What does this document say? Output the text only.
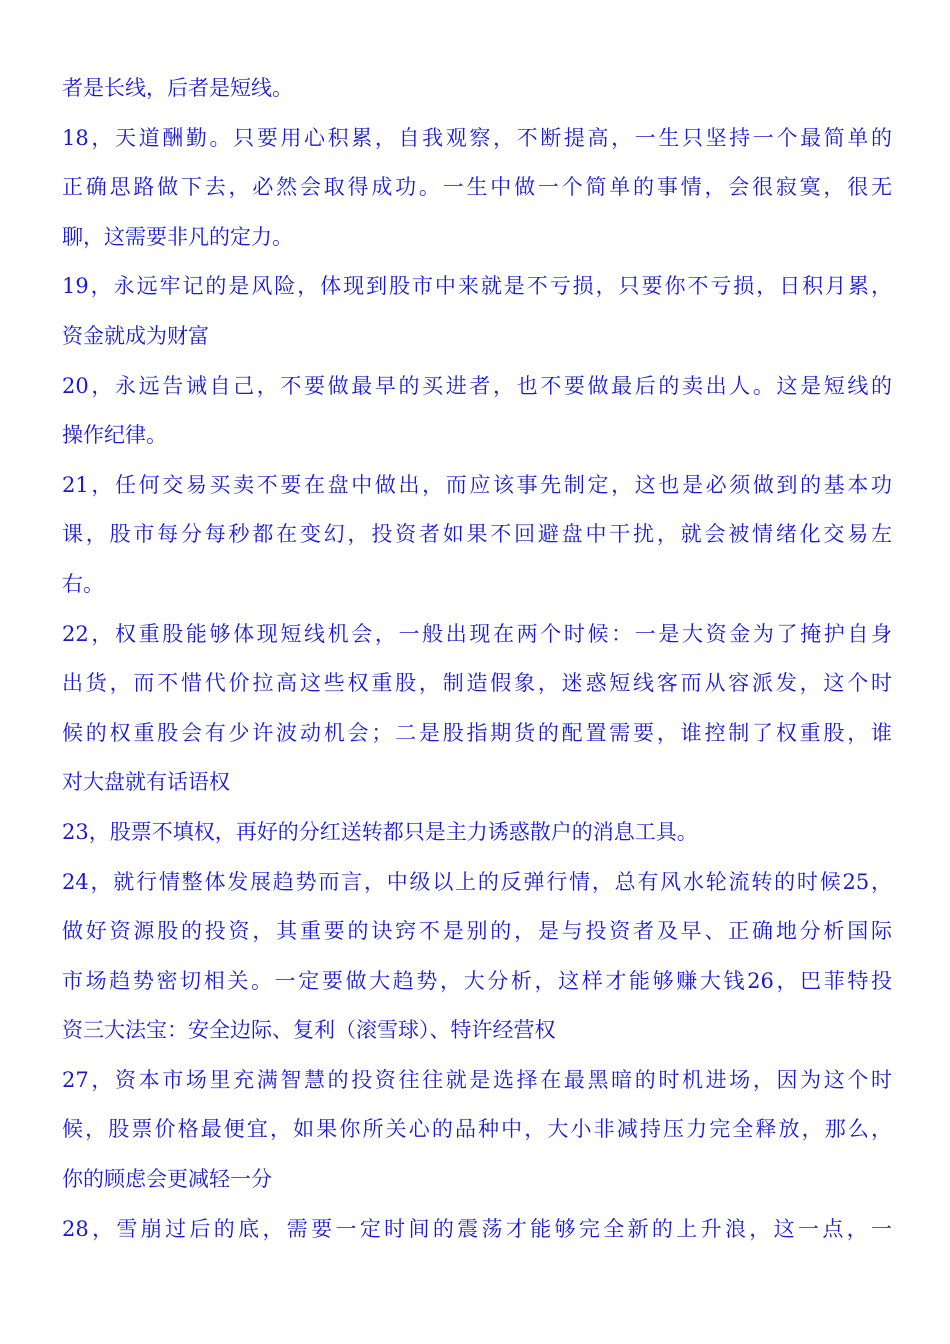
者是长线，后者是短线。
18，天道酬勤。只要用心积累，自我观察，不断提高，一生只坚持一个最简单的
正确思路做下去，必然会取得成功。一生中做一个简单的事情，会很寂寞，很无
聊，这需要非凡的定力。
19，永远牢记的是风险，体现到股市中来就是不亏损，只要你不亏损，日积月累，
资金就成为财富
20，永远告诫自己，不要做最早的买进者，也不要做最后的卖出人。这是短线的
操作纪律。
21，任何交易买卖不要在盘中做出，而应该事先制定，这也是必须做到的基本功
课，股市每分每秒都在变幻，投资者如果不回避盘中干扰，就会被情绪化交易左
右。
22，权重股能够体现短线机会，一般出现在两个时候：一是大资金为了掩护自身
出货，而不惜代价拉高这些权重股，制造假象，迷惑短线客而从容派发，这个时
候的权重股会有少许波动机会；二是股指期货的配置需要，谁控制了权重股，谁
对大盘就有话语权
23，股票不填权，再好的分红送转都只是主力诱惑散户的消息工具。
24，就行情整体发展趋势而言，中级以上的反弹行情，总有风水轮流转的时候25，
做好资源股的投资，其重要的诀窍不是别的，是与投资者及早、正确地分析国际
市场趋势密切相关。一定要做大趋势，大分析，这样才能够赚大钱26，巴菲特投
资三大法宝：安全边际、复利（滚雪球）、特许经营权
27，资本市场里充满智慧的投资往往就是选择在最黑暗的时机进场，因为这个时
候，股票价格最便宜，如果你所关心的品种中，大小非减持压力完全释放，那么，
你的顾虑会更减轻一分
28，雪崩过后的底，需要一定时间的震荡才能够完全新的上升浪，这一点，一
